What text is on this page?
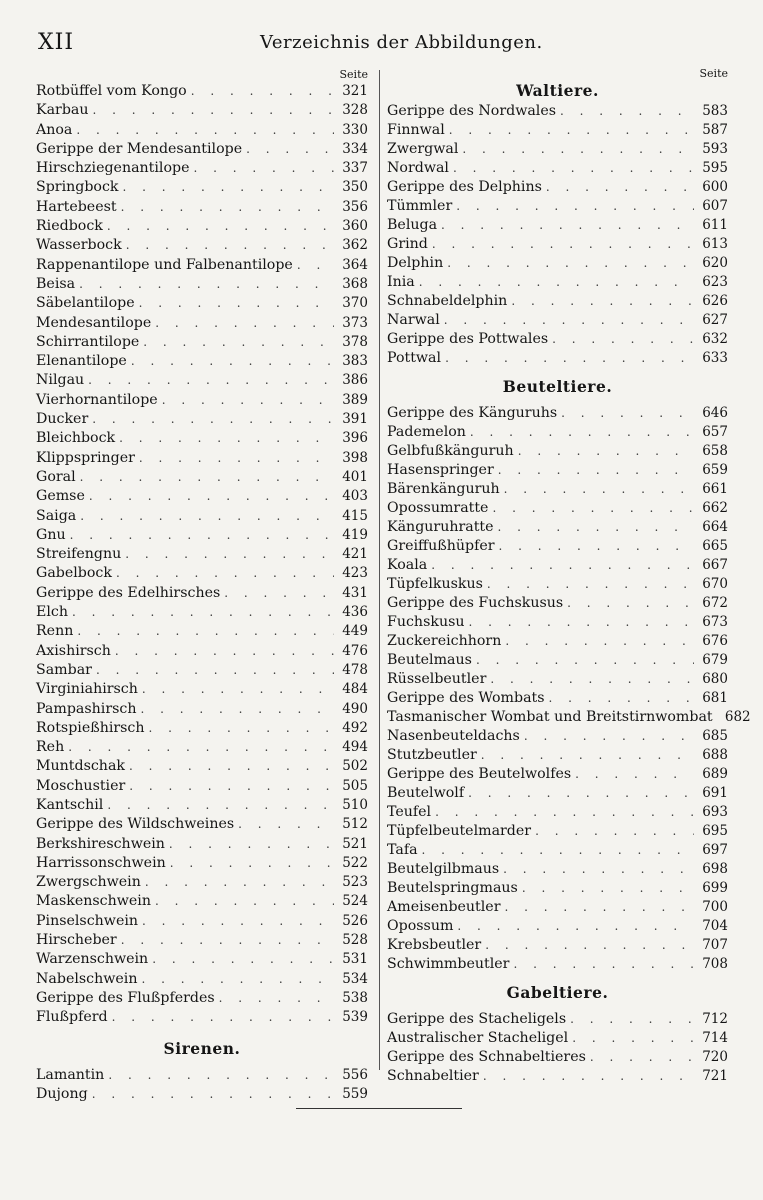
XII	Verzeichnis der Abbildungen.
Seite
Rotbüffel vom Kongo . . .	321
Karbau . . .	328
Anoa . . .	330
Gerippe der Mendesantilope . . .	334
Hirschziegenantilope . . .	337
Springbock . . .	350
Hartebeest . . .	356
Riedbock . . .	360
Wasserbock . . .	362
Rappenantilope und Falbenantilope . . .	364
Beisa . . .	368
Säbelantilope . . .	370
Mendesantilope . . .	373
Schirrantilope . . .	378
Elenantilope . . .	383
Nilgau . . .	386
Vierhornantilope . . .	389
Ducker . . .	391
Bleichbock . . .	396
Klippspringer . . .	398
Goral . . .	401
Gemse . . .	403
Saiga . . .	415
Gnu . . .	419
Streifengnu . . .	421
Gabelbock . . .	423
Gerippe des Edelhirsches . . .	431
Elch . . .	436
Renn . . .	449
Axishirsch . . .	476
Sambar . . .	478
Virginiahirsch . . .	484
Pampashirsch . . .	490
Rotspießhirsch . . .	492
Reh . . .	494
Muntdschak . . .	502
Moschustier . . .	505
Kantschil . . .	510
Gerippe des Wildschweines . . .	512
Berkshireschwein . . .	521
Harrissonschwein . . .	522
Zwergschwein . . .	523
Maskenschwein . . .	524
Pinselschwein . . .	526
Hirscheber . . .	528
Warzenschwein . . .	531
Nabelschwein . . .	534
Gerippe des Flußpferdes . . .	538
Flußpferd . . .	539
Sirenen.
Lamantin . . .	556
Dujong . . .	559
Seite
Waltiere.
Gerippe des Nordwales . . .	583
Finnwal . . .	587
Zwergwal . . .	593
Nordwal . . .	595
Gerippe des Delphins . . .	600
Tümmler . . .	607
Beluga . . .	611
Grind . . .	613
Delphin . . .	620
Inia . . .	623
Schnabeldelphin . . .	626
Narwal . . .	627
Gerippe des Pottwales . . .	632
Pottwal . . .	633
Beuteltiere.
Gerippe des Känguruhs . . .	646
Pademelon . . .	657
Gelbfußkänguruh . . .	658
Hasenspringer . . .	659
Bärenkänguruh . . .	661
Opossumratte . . .	662
Känguruhratte . . .	664
Greiffußhüpfer . . .	665
Koala . . .	667
Tüpfelkuskus . . .	670
Gerippe des Fuchskusus . . .	672
Fuchskusu . . .	673
Zuckereichhorn . . .	676
Beutelmaus . . .	679
Rüsselbeutler . . .	680
Gerippe des Wombats . . .	681
Tasmanischer Wombat und Breitstirnwombat 682
Nasenbeuteldachs . . .	685
Stutzbeutler . . .	688
Gerippe des Beutelwolfes . . .	689
Beutelwolf . . .	691
Teufel . . .	693
Tüpfelbeutelmarder . . .	695
Tafa . . .	697
Beutelgilbmaus . . .	698
Beutelspringmaus . . .	699
Ameisenbeutler . . .	700
Opossum . . .	704
Krebsbeutler . . .	707
Schwimmbeutler . . .	708
Gabeltiere.
Gerippe des Stacheligels . . .	712
Australischer Stacheligel . . .	714
Gerippe des Schnabeltieres . . .	720
Schnabeltier . . .	721
